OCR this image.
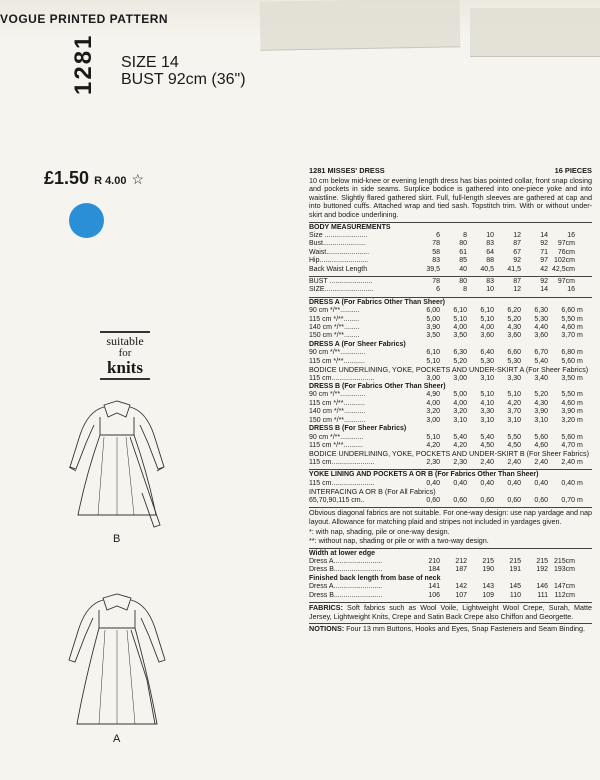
VOGUE PRINTED PATTERN
1281 SIZE 14
BUST 92cm (36")
£1.50 R 4.00 ☆
suitable
for
knits
B
A
1281 MISSES' DRESS	16 PIECES

10 cm below mid-knee or evening length dress has bias pointed collar, front snap closing and pockets in side seams. Surplice bodice is gathered into one-piece yoke and into waistline. Slightly flared gathered skirt. Full, full-length sleeves are gathered at cap and into buttoned cuffs. Attached wrap and tied sash. Topstitch trim. With or without under-skirt and bodice underlining.

BODY MEASUREMENTS
Size ......................	6	8	10	12	14	16	
Bust......................	78	80	83	87	92	97cm	
Waist......................	58	61	64	67	71	76cm	
Hip.........................	83	85	88	92	97	102cm	
Back Waist Length	39,5	40	40,5	41,5	42	42,5cm	
BUST ......................	78	80	83	87	92	97cm	
SIZE.........................	6	8	10	12	14	16	
DRESS A (For Fabrics Other Than Sheer)
90 cm */**..........	6,00	6,10	6,10	6,20	6,30	6,60	m
115 cm */**........	5,00	5,10	5,10	5,20	5,30	5,50	m
140 cm */**........	3,90	4,00	4,00	4,30	4,40	4,60	m
150 cm */**........	3,50	3,50	3,60	3,60	3,60	3,70	m
DRESS A (For Sheer Fabrics)
90 cm */**.............	6,10	6,30	6,40	6,60	6,70	6,80	m
115 cm */**...........	5,10	5,20	5,30	5,30	5,40	5,60	m
BODICE UNDERLINING, YOKE, POCKETS AND UNDER-SKIRT A (For Sheer Fabrics)
115 cm......................	3,00	3,00	3,10	3,30	3,40	3,50	m
DRESS B (For Fabrics Other Than Sheer)
90 cm */**.............	4,90	5,00	5,10	5,10	5,20	5,50	m
115 cm */**...........	4,00	4,00	4,10	4,20	4,30	4,60	m
140 cm */**...........	3,20	3,20	3,30	3,70	3,90	3,90	m
150 cm */**...........	3,00	3,10	3,10	3,10	3,10	3,20	m
DRESS B (For Sheer Fabrics)
90 cm */**............	5,10	5,40	5,40	5,50	5,60	5,60	m
115 cm */**..........	4,20	4,20	4,50	4,50	4,60	4,70	m
BODICE UNDERLINING, YOKE, POCKETS AND UNDER-SKIRT B (For Sheer Fabrics)
115 cm......................	2,30	2,30	2,40	2,40	2,40	2,40	m
YOKE LINING AND POCKETS A OR B (For Fabrics Other Than Sheer)
115 cm......................	0,40	0,40	0,40	0,40	0,40	0,40	m
INTERFACING A OR B (For All Fabrics)
65,70,90,115 cm..	0,60	0,60	0,60	0,60	0,60	0,70	m

Obvious diagonal fabrics are not suitable. For one-way design: use nap yardage and nap layout. Allowance for matching plaid and stripes not included in yardages given.

*: with nap, shading, pile or one-way design.
**: without nap, shading or pile or with a two-way design.
Width at lower edge
Dress A.........................	210	212	215	215	215	215cm	
Dress B.........................	184	187	190	191	192	193cm	
Finished back length from base of neck
Dress A.........................	141	142	143	145	146	147cm	
Dress B.........................	106	107	109	110	111	112cm	

FABRICS: Soft fabrics such as Wool Voile, Lightweight Wool Crepe, Surah, Matte Jersey, Lightweight Knits, Crepe and Satin Back Crepe also Chiffon and Georgette.

NOTIONS: Four 13 mm Buttons, Hooks and Eyes, Snap Fasteners and Seam Binding.
